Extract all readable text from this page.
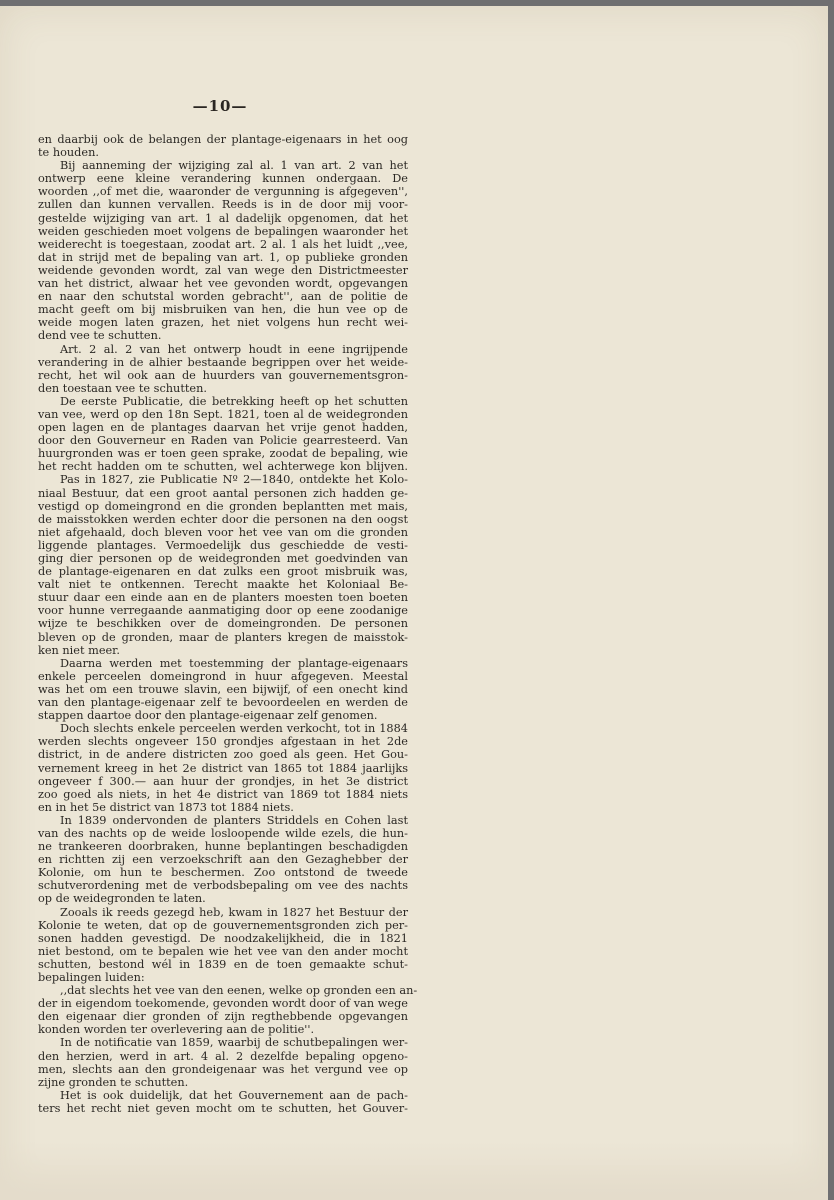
—10—
en daarbij ook de belangen der plantage-eigenaars in het oog
te houden.
Bij aanneming der wijziging zal al. 1 van art. 2 van het
ontwerp eene kleine verandering kunnen ondergaan. De
woorden ,,of met die, waaronder de vergunning is afgegeven'',
zullen dan kunnen vervallen. Reeds is in de door mij voor-
gestelde wijziging van art. 1 al dadelijk opgenomen, dat het
weiden geschieden moet volgens de bepalingen waaronder het
weiderecht is toegestaan, zoodat art. 2 al. 1 als het luidt ,,vee,
dat in strijd met de bepaling van art. 1, op publieke gronden
weidende gevonden wordt, zal van wege den Districtmeester
van het district, alwaar het vee gevonden wordt, opgevangen
en naar den schutstal worden gebracht'', aan de politie de
macht geeft om bij misbruiken van hen, die hun vee op de
weide mogen laten grazen, het niet volgens hun recht wei-
dend vee te schutten.
Art. 2 al. 2 van het ontwerp houdt in eene ingrijpende
verandering in de alhier bestaande begrippen over het weide-
recht, het wil ook aan de huurders van gouvernementsgron-
den toestaan vee te schutten.
De eerste Publicatie, die betrekking heeft op het schutten
van vee, werd op den 18n Sept. 1821, toen al de weidegronden
open lagen en de plantages daarvan het vrije genot hadden,
door den Gouverneur en Raden van Policie gearresteerd. Van
huurgronden was er toen geen sprake, zoodat de bepaling, wie
het recht hadden om te schutten, wel achterwege kon blijven.
Pas in 1827, zie Publicatie Nº 2—1840, ontdekte het Kolo-
niaal Bestuur, dat een groot aantal personen zich hadden ge-
vestigd op domeingrond en die gronden beplantten met mais,
de maisstokken werden echter door die personen na den oogst
niet afgehaald, doch bleven voor het vee van om die gronden
liggende plantages. Vermoedelijk dus geschiedde de vesti-
ging dier personen op de weidegronden met goedvinden van
de plantage-eigenaren en dat zulks een groot misbruik was,
valt niet te ontkennen. Terecht maakte het Koloniaal Be-
stuur daar een einde aan en de planters moesten toen boeten
voor hunne verregaande aanmatiging door op eene zoodanige
wijze te beschikken over de domeingronden. De personen
bleven op de gronden, maar de planters kregen de maisstok-
ken niet meer.
Daarna werden met toestemming der plantage-eigenaars
enkele perceelen domeingrond in huur afgegeven. Meestal
was het om een trouwe slavin, een bijwijf, of een onecht kind
van den plantage-eigenaar zelf te bevoordeelen en werden de
stappen daartoe door den plantage-eigenaar zelf genomen.
Doch slechts enkele perceelen werden verkocht, tot in 1884
werden slechts ongeveer 150 grondjes afgestaan in het 2de
district, in de andere districten zoo goed als geen. Het Gou-
vernement kreeg in het 2e district van 1865 tot 1884 jaarlijks
ongeveer f 300.— aan huur der grondjes, in het 3e district
zoo goed als niets, in het 4e district van 1869 tot 1884 niets
en in het 5e district van 1873 tot 1884 niets.
In 1839 ondervonden de planters Striddels en Cohen last
van des nachts op de weide losloopende wilde ezels, die hun-
ne trankeeren doorbraken, hunne beplantingen beschadigden
en richtten zij een verzoekschrift aan den Gezaghebber der
Kolonie, om hun te beschermen. Zoo ontstond de tweede
schutverordening met de verbodsbepaling om vee des nachts
op de weidegronden te laten.
Zooals ik reeds gezegd heb, kwam in 1827 het Bestuur der
Kolonie te weten, dat op de gouvernementsgronden zich per-
sonen hadden gevestigd. De noodzakelijkheid, die in 1821
niet bestond, om te bepalen wie het vee van den ander mocht
schutten, bestond wél in 1839 en de toen gemaakte schut-
bepalingen luiden:
,,dat slechts het vee van den eenen, welke op gronden een an-
der in eigendom toekomende, gevonden wordt door of van wege
den eigenaar dier gronden of zijn regthebbende opgevangen
konden worden ter overlevering aan de politie''.
In de notificatie van 1859, waarbij de schutbepalingen wer-
den herzien, werd in art. 4 al. 2 dezelfde bepaling opgeno-
men, slechts aan den grondeigenaar was het vergund vee op
zijne gronden te schutten.
Het is ook duidelijk, dat het Gouvernement aan de pach-
ters het recht niet geven mocht om te schutten, het Gouver-
